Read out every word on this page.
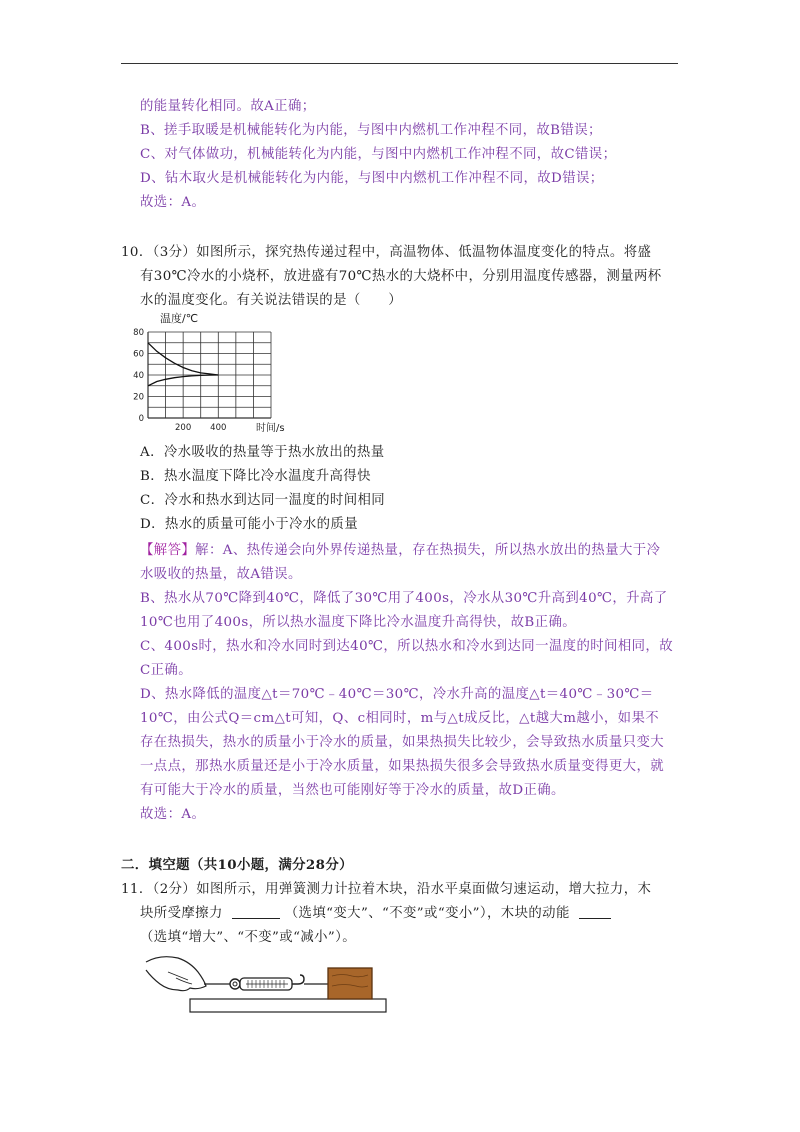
的能量转化相同。故A正确；
B、搓手取暖是机械能转化为内能，与图中内燃机工作冲程不同，故B错误；
C、对气体做功，机械能转化为内能，与图中内燃机工作冲程不同，故C错误；
D、钻木取火是机械能转化为内能，与图中内燃机工作冲程不同，故D错误；
故选：A。
10．（3分）如图所示，探究热传递过程中，高温物体、低温物体温度变化的特点。将盛
有30℃冷水的小烧杯，放进盛有70℃热水的大烧杯中，分别用温度传感器，测量两杯
水的温度变化。有关说法错误的是（　　）
0
20
40
60
80
200 400
温度/℃
时间/s
A．冷水吸收的热量等于热水放出的热量
B．热水温度下降比冷水温度升高得快
C．冷水和热水到达同一温度的时间相同
D．热水的质量可能小于冷水的质量
【解答】解：A、热传递会向外界传递热量，存在热损失，所以热水放出的热量大于冷
水吸收的热量，故A错误。
B、热水从70℃降到40℃，降低了30℃用了400s，冷水从30℃升高到40℃，升高了
10℃也用了400s，所以热水温度下降比冷水温度升高得快，故B正确。
C、400s时，热水和冷水同时到达40℃，所以热水和冷水到达同一温度的时间相同，故
C正确。
D、热水降低的温度△t＝70℃﹣40℃＝30℃，冷水升高的温度△t＝40℃﹣30℃＝
10℃，由公式Q＝cm△t可知，Q、c相同时，m与△t成反比，△t越大m越小，如果不
存在热损失，热水的质量小于冷水的质量，如果热损失比较少，会导致热水质量只变大
一点点，那热水质量还是小于冷水质量，如果热损失很多会导致热水质量变得更大，就
有可能大于冷水的质量，当然也可能刚好等于冷水的质量，故D正确。
故选：A。
二．填空题（共10小题，满分28分）
11．（2分）如图所示，用弹簧测力计拉着木块，沿水平桌面做匀速运动，增大拉力，木
块所受摩擦力	（选填“变大”、“不变”或“变小”），木块的动能
（选填“增大”、“不变”或“减小”）。
